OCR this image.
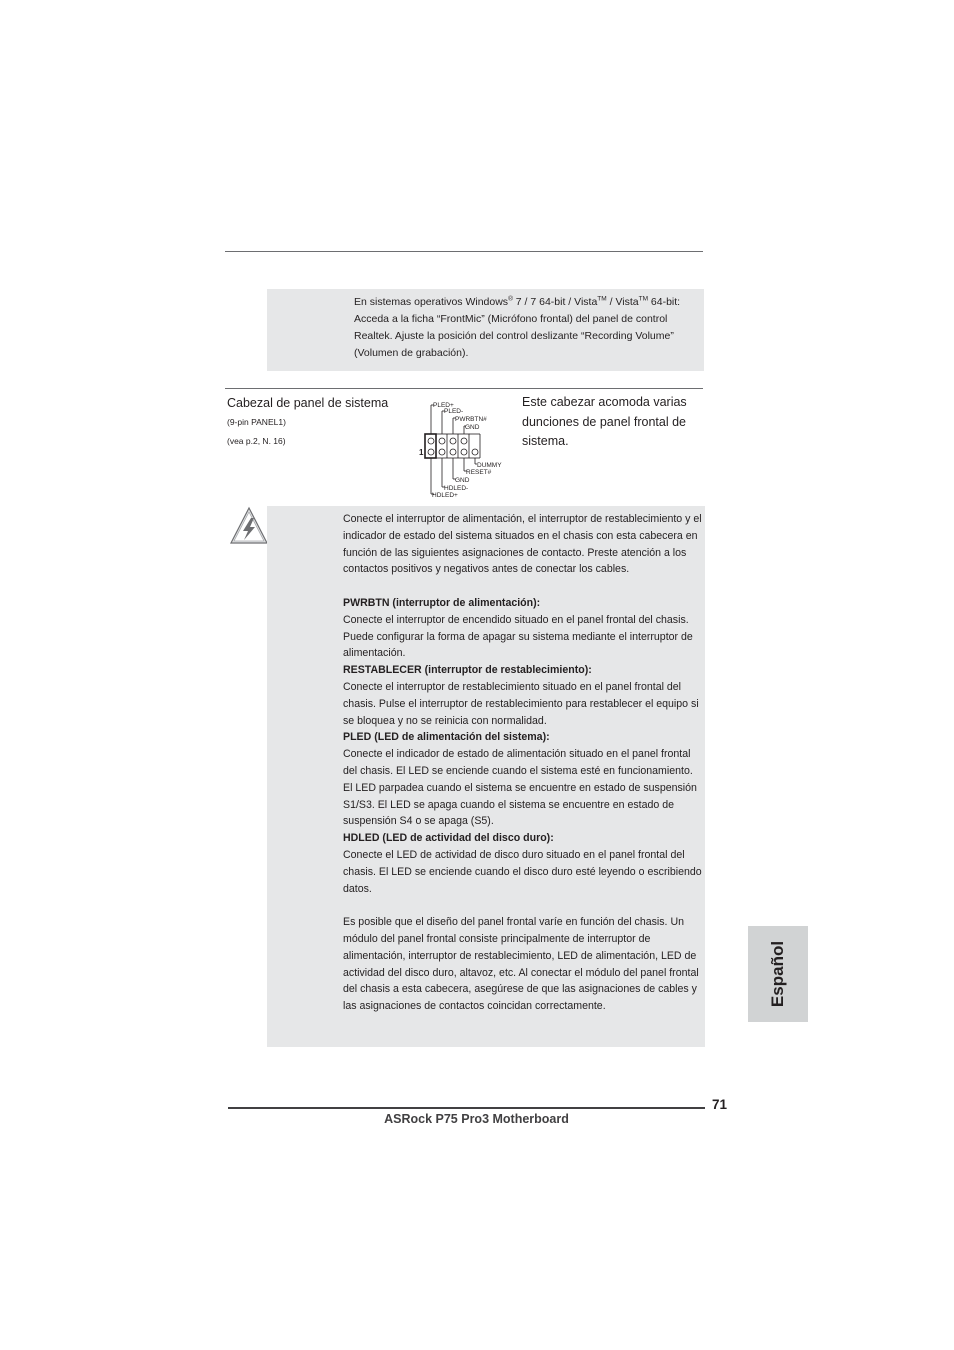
En sistemas operativos Windows® 7 / 7 64-bit / Vista™ / Vista™ 64-bit: Acceda a la ficha “FrontMic” (Micrófono frontal) del panel de control Realtek. Ajuste la posición del control deslizante “Recording Volume” (Volumen de grabación).
Cabezal de panel de sistema
(9-pin PANEL1)
(vea p.2, N. 16)
Este cabezar acomoda varias dunciones de panel frontal de sistema.
PLED+
PLED-
PWRBTN#
GND
DUMMY
RESET#
GND
HDLED-
HDLED+
1

Conecte el interruptor de alimentación, el interruptor de restablecimiento y el indicador de estado del sistema situados en el chasis con esta cabecera en función de las siguientes asignaciones de contacto. Preste atención a los contactos positivos y negativos antes de conectar los cables.

PWRBTN (interruptor de alimentación):

Conecte el interruptor de encendido situado en el panel frontal del chasis. Puede configurar la forma de apagar su sistema mediante el interruptor de alimentación.

RESTABLECER (interruptor de restablecimiento):

Conecte el interruptor de restablecimiento situado en el panel frontal del chasis. Pulse el interruptor de restablecimiento para restablecer el equipo si se bloquea y no se reinicia con normalidad.

PLED (LED de alimentación del sistema):

Conecte el indicador de estado de alimentación situado en el panel frontal del chasis. El LED se enciende cuando el sistema esté en funcionamiento. El LED parpadea cuando el sistema se encuentre en estado de suspensión S1/S3. El LED se apaga cuando el sistema se encuentre en estado de suspensión S4 o se apaga (S5).

HDLED (LED de actividad del disco duro):

Conecte el LED de actividad de disco duro situado en el panel frontal del chasis. El LED se enciende cuando el disco duro esté leyendo o escribiendo datos.

Es posible que el diseño del panel frontal varíe en función del chasis. Un módulo del panel frontal consiste principalmente de interruptor de alimentación, interruptor de restablecimiento, LED de alimentación, LED de actividad del disco duro, altavoz, etc. Al conectar el módulo del panel frontal del chasis a esta cabecera, asegúrese de que las asignaciones de cables y las asignaciones de contactos coincidan correctamente.	Español
71
ASRock P75 Pro3 Motherboard
